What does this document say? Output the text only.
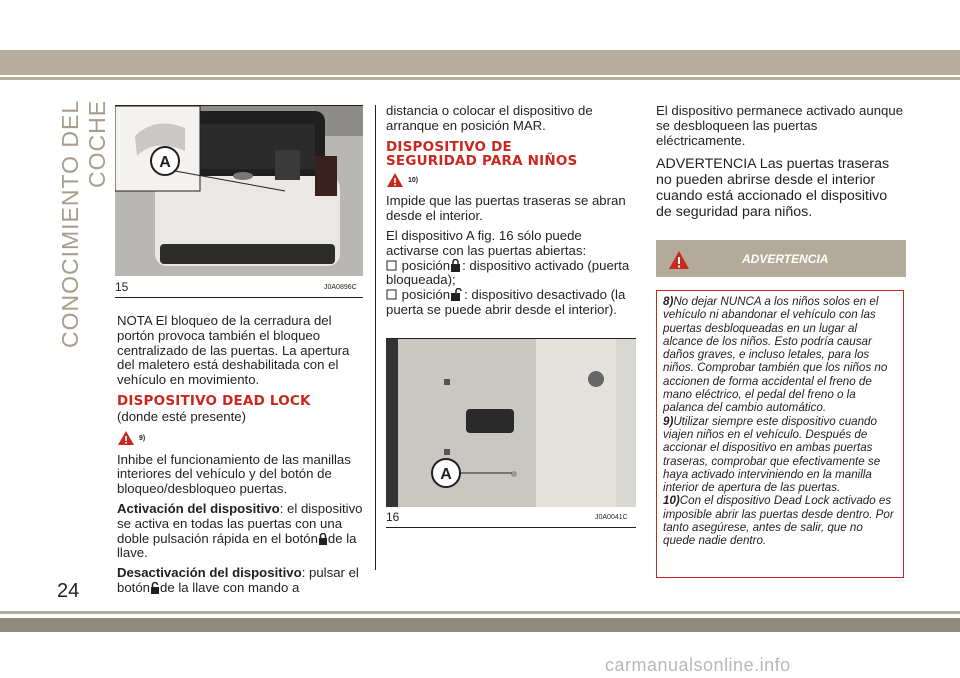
CONOCIMIENTO DEL COCHE
24
A
15	J0A0896C

NOTA El bloqueo de la cerradura del portón provoca también el bloqueo centralizado de las puertas. La apertura del maletero está deshabilitada con el vehículo en movimiento.

DISPOSITIVO DEAD LOCK

(donde esté presente)

9)

Inhibe el funcionamiento de las manillas interiores del vehículo y del botón de bloqueo/desbloqueo puertas.

Activación del dispositivo: el dispositivo se activa en todas las puertas con una doble pulsación rápida en el botón de la llave.

Desactivación del dispositivo: pulsar el botón de la llave con mando a

distancia o colocar el dispositivo de arranque en posición MAR.

DISPOSITIVO DE SEGURIDAD PARA NIÑOS
10)

Impide que las puertas traseras se abran desde el interior.

El dispositivo A fig. 16 sólo puede activarse con las puertas abiertas:

posición : dispositivo activado (puerta bloqueada);
posición : dispositivo desactivado (la puerta se puede abrir desde el interior).
A
16	J0A0041C

El dispositivo permanece activado aunque se desbloqueen las puertas eléctricamente.

ADVERTENCIA Las puertas traseras no pueden abrirse desde el interior cuando está accionado el dispositivo de seguridad para niños.

ADVERTENCIA

8)No dejar NUNCA a los niños solos en el vehículo ni abandonar el vehículo con las puertas desbloqueadas en un lugar al alcance de los niños. Esto podría causar daños graves, e incluso letales, para los niños. Comprobar también que los niños no accionen de forma accidental el freno de mano eléctrico, el pedal del freno o la palanca del cambio automático.

9)Utilizar siempre este dispositivo cuando viajen niños en el vehículo. Después de accionar el dispositivo en ambas puertas traseras, comprobar que efectivamente se haya activado interviniendo en la manilla interior de apertura de las puertas.

10)Con el dispositivo Dead Lock activado es imposible abrir las puertas desde dentro. Por tanto asegúrese, antes de salir, que no quede nadie dentro.

carmanualsonline.info
